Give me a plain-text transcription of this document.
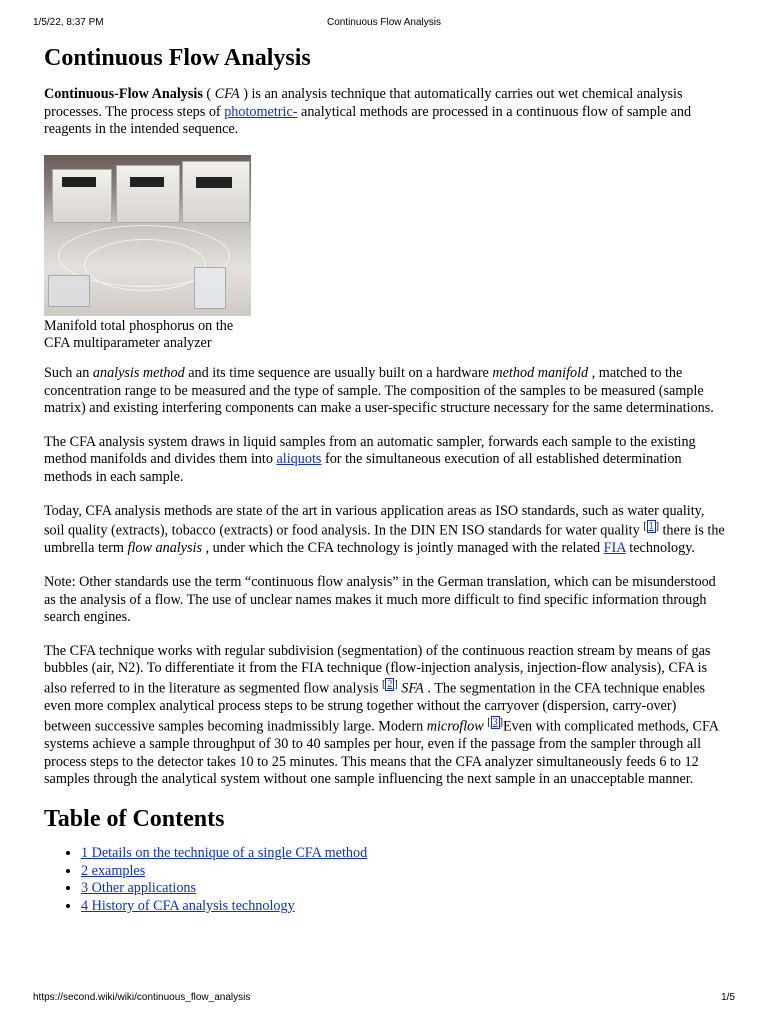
1/5/22, 8:37 PM	Continuous Flow Analysis
Continuous Flow Analysis

Continuous-Flow Analysis ( CFA ) is an analysis technique that automatically carries out wet chemical analysis processes. The process steps of photometric- analytical methods are processed in a continuous flow of sample and reagents in the intended sequence.

Manifold total phosphorus on the CFA multiparameter analyzer

Such an analysis method and its time sequence are usually built on a hardware method manifold , matched to the concentration range to be measured and the type of sample. The composition of the samples to be measured (sample matrix) and existing interfering components can make a user-specific structure necessary for the same determinations.

The CFA analysis system draws in liquid samples from an automatic sampler, forwards each sample to the existing method manifolds and divides them into aliquots for the simultaneous execution of all established determination methods in each sample.

Today, CFA analysis methods are state of the art in various application areas as ISO standards, such as water quality, soil quality (extracts), tobacco (extracts) or food analysis. In the DIN EN ISO standards for water quality [ 1 ] there is the umbrella term flow analysis , under which the CFA technology is jointly managed with the related FIA technology.

Note: Other standards use the term “continuous flow analysis” in the German translation, which can be misunderstood as the analysis of a flow. The use of unclear names makes it much more difficult to find specific information through search engines.

The CFA technique works with regular subdivision (segmentation) of the continuous reaction stream by means of gas bubbles (air, N2). To differentiate it from the FIA technique (flow-injection analysis, injection-flow analysis), CFA is also referred to in the literature as segmented flow analysis [ 2 ] SFA . The segmentation in the CFA technique enables even more complex analytical process steps to be strung together without the carryover (dispersion, carry-over) between successive samples becoming inadmissibly large. Modern microflow [ 3 ]Even with complicated methods, CFA systems achieve a sample throughput of 30 to 40 samples per hour, even if the passage from the sampler through all process steps to the detector takes 10 to 25 minutes. This means that the CFA analyzer simultaneously feeds 6 to 12 samples through the analytical system without one sample influencing the next sample in an unacceptable manner.

Table of Contents
• 1 Details on the technique of a single CFA method
• 2 examples
• 3 Other applications
• 4 History of CFA analysis technology
https://second.wiki/wiki/continuous_flow_analysis	1/5
